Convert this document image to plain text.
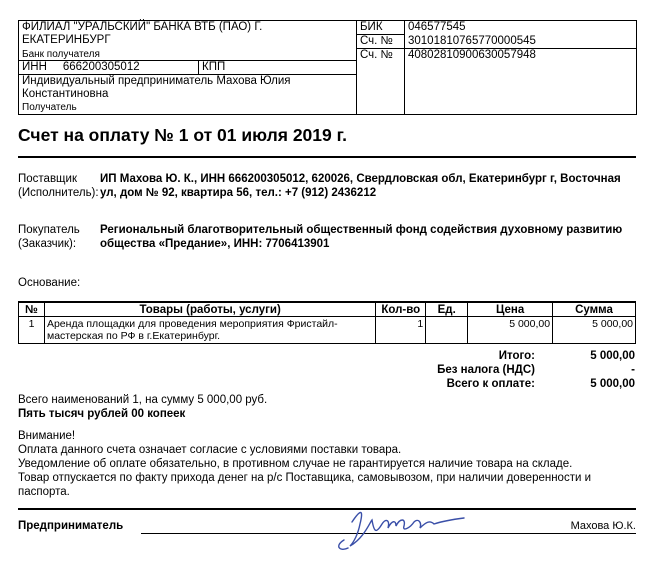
ФИЛИАЛ "УРАЛЬСКИЙ" БАНКА ВТБ (ПАО) Г. ЕКАТЕРИНБУРГ		БИК	046577545
		Сч. №	30101810765770000545
Банк получателя		Сч. №	40802810900630057948
ИНН 666200305012	КПП		

Индивидуальный предприниматель Махова Юлия Константиновна
Получатель			
Счет на оплату № 1 от 01 июля 2019 г.
Поставщик (Исполнитель):
ИП Махова Ю. К., ИНН 666200305012, 620026, Свердловская обл, Екатеринбург г, Восточная ул, дом № 92, квартира 56, тел.: +7 (912) 2436212
Покупатель (Заказчик):
Региональный благотворительный общественный фонд содействия духовному развитию общества «Предание», ИНН: 7706413901
Основание:
№	Товары (работы, услуги)	Кол-во	Ед.	Цена	Сумма
1	Аренда площадки для проведения мероприятия Фристайл-мастерская по РФ в г.Екатеринбург.	1		5 000,00	5 000,00
Итого:	5 000,00
Без налога (НДС)	-
Всего к оплате:	5 000,00
Всего наименований 1, на сумму 5 000,00 руб.
Пять тысяч рублей 00 копеек
Внимание!
Оплата данного счета означает согласие с условиями поставки товара.
Уведомление об оплате обязательно, в противном случае не гарантируется наличие товара на складе.
Товар отпускается по факту прихода денег на р/с Поставщика, самовывозом, при наличии доверенности и паспорта.
Предприниматель	Махова Ю.К.
